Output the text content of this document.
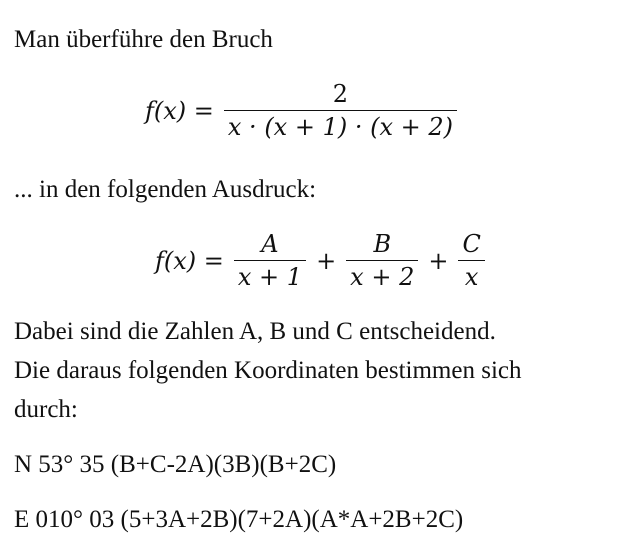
Man überführe den Bruch
$f(x) = \frac{2}{x \cdot (x + 1) \cdot (x + 2)}$
... in den folgenden Ausdruck:
$f(x) = \frac{A}{x + 1} + \frac{B}{x + 2} + \frac{C}{x}$
Dabei sind die Zahlen A, B und C entscheidend.
Die daraus folgenden Koordinaten bestimmen sich
durch:
N 53° 35 (B+C-2A)(3B)(B+2C)
E 010° 03 (5+3A+2B)(7+2A)(A*A+2B+2C)
